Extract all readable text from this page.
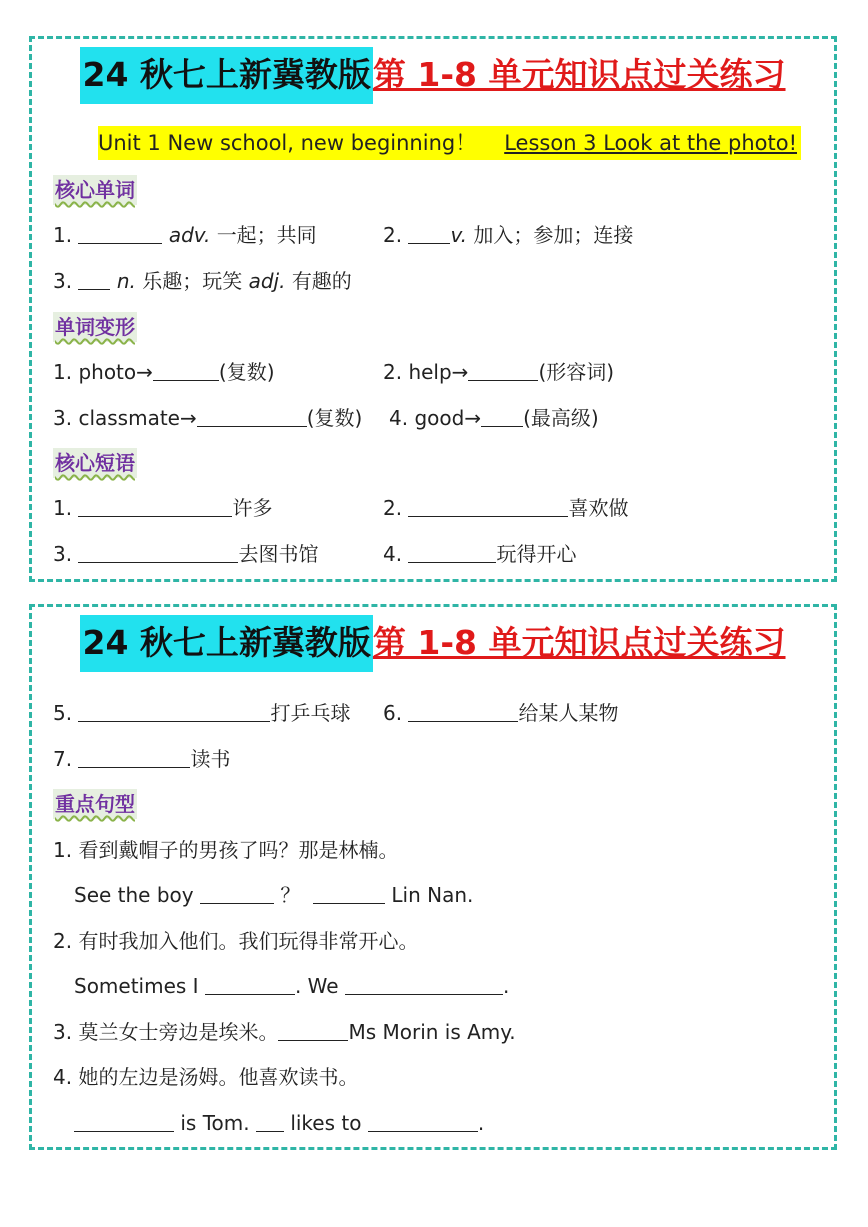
24 秋七上新冀教版第 1-8 单元知识点过关练习
Unit 1 New school, new beginning！ Lesson 3 Look at the photo!
核心单词
1.	adv. 一起；共同	2. v. 加入；参加；连接
3. n. 乐趣；玩笑 adj. 有趣的
单词变形
1. photo→	(复数)	2. help→	(形容词)
3. classmate→	(复数) 4. good→ (最高级)
核心短语
1.	许多	2.	喜欢做
3.	去图书馆	4.	玩得开心
24 秋七上新冀教版第 1-8 单元知识点过关练习
5.	打乒乓球 6.	给某人某物
7.	读书
重点句型
1. 看到戴帽子的男孩了吗？那是林楠。
See the boy	？	Lin Nan.
2. 有时我加入他们。我们玩得非常开心。
Sometimes I	. We	.
3. 莫兰女士旁边是埃米。	Ms Morin is Amy.
4. 她的左边是汤姆。他喜欢读书。
is Tom. likes to	.
